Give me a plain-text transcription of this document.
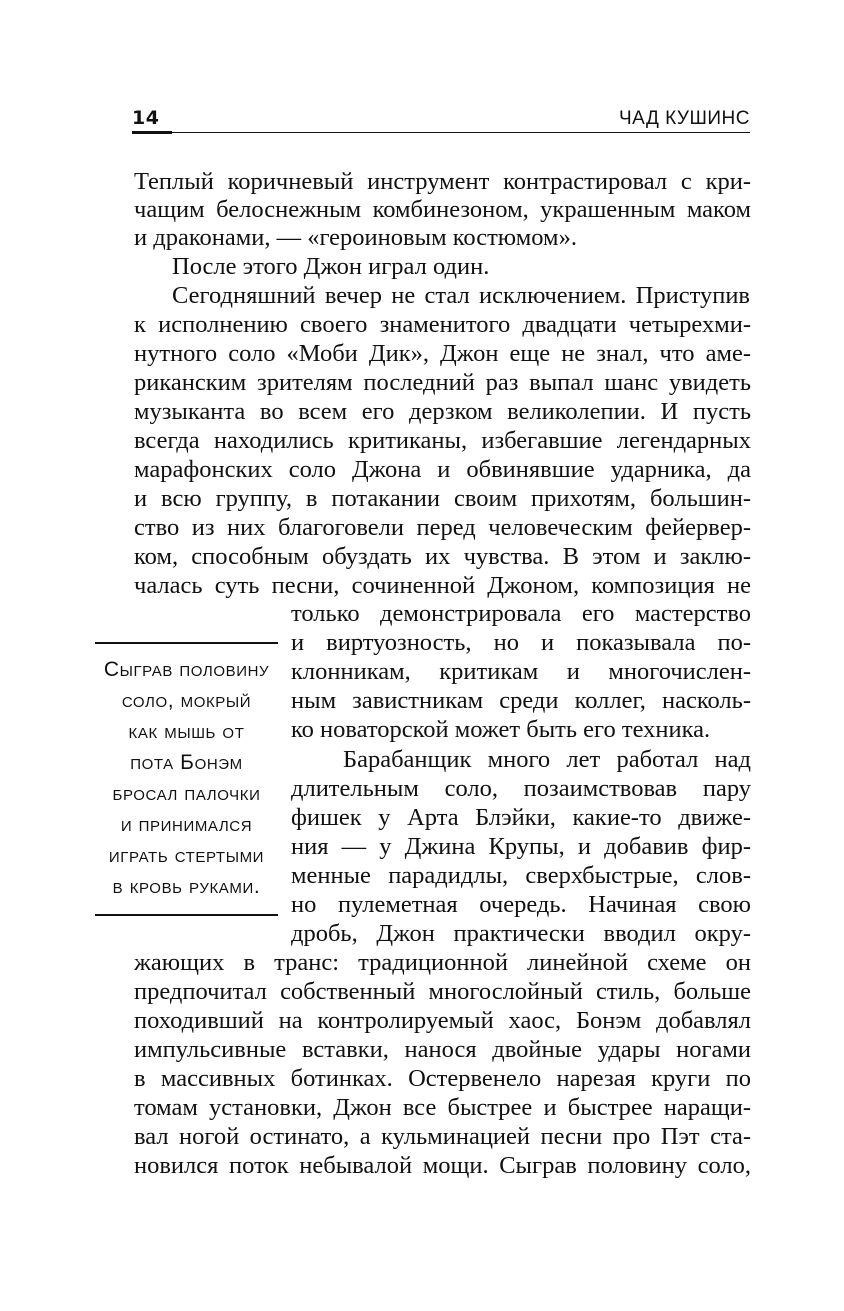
14	ЧАД КУШИНС
Теплый коричневый инструмент контрастировал с кри-
чащим белоснежным комбинезоном, украшенным маком
и драконами, — «героиновым костюмом».
После этого Джон играл один.
Сегодняшний вечер не стал исключением. Приступив
к исполнению своего знаменитого двадцати четырехми-
нутного соло «Моби Дик», Джон еще не знал, что аме-
риканским зрителям последний раз выпал шанс увидеть
музыканта во всем его дерзком великолепии. И пусть
всегда находились критиканы, избегавшие легендарных
марафонских соло Джона и обвинявшие ударника, да
и всю группу, в потакании своим прихотям, большин-
ство из них благоговели перед человеческим фейервер-
ком, способным обуздать их чувства. В этом и заклю-
чалась суть песни, сочиненной Джоном, композиция не
только демонстрировала его мастерство
и виртуозность, но и показывала по-
клонникам, критикам и многочислен-
ным завистникам среди коллег, насколь-
ко новаторской может быть его техника.
Барабанщик много лет работал над
длительным соло, позаимствовав пару
фишек у Арта Блэйки, какие-то движе-
ния — у Джина Крупы, и добавив фир-
менные парадидлы, сверхбыстрые, слов-
но пулеметная очередь. Начиная свою
дробь, Джон практически вводил окру-
жающих в транс: традиционной линейной схеме он
предпочитал собственный многослойный стиль, больше
походивший на контролируемый хаос, Бонэм добавлял
импульсивные вставки, нанося двойные удары ногами
в массивных ботинках. Остервенело нарезая круги по
томам установки, Джон все быстрее и быстрее наращи-
вал ногой остинато, а кульминацией песни про Пэт ста-
новился поток небывалой мощи. Сыграв половину соло,
Сыграв половину
соло, мокрый
как мышь от
пота Бонэм
бросал палочки
и принимался
играть стертыми
в кровь руками.
